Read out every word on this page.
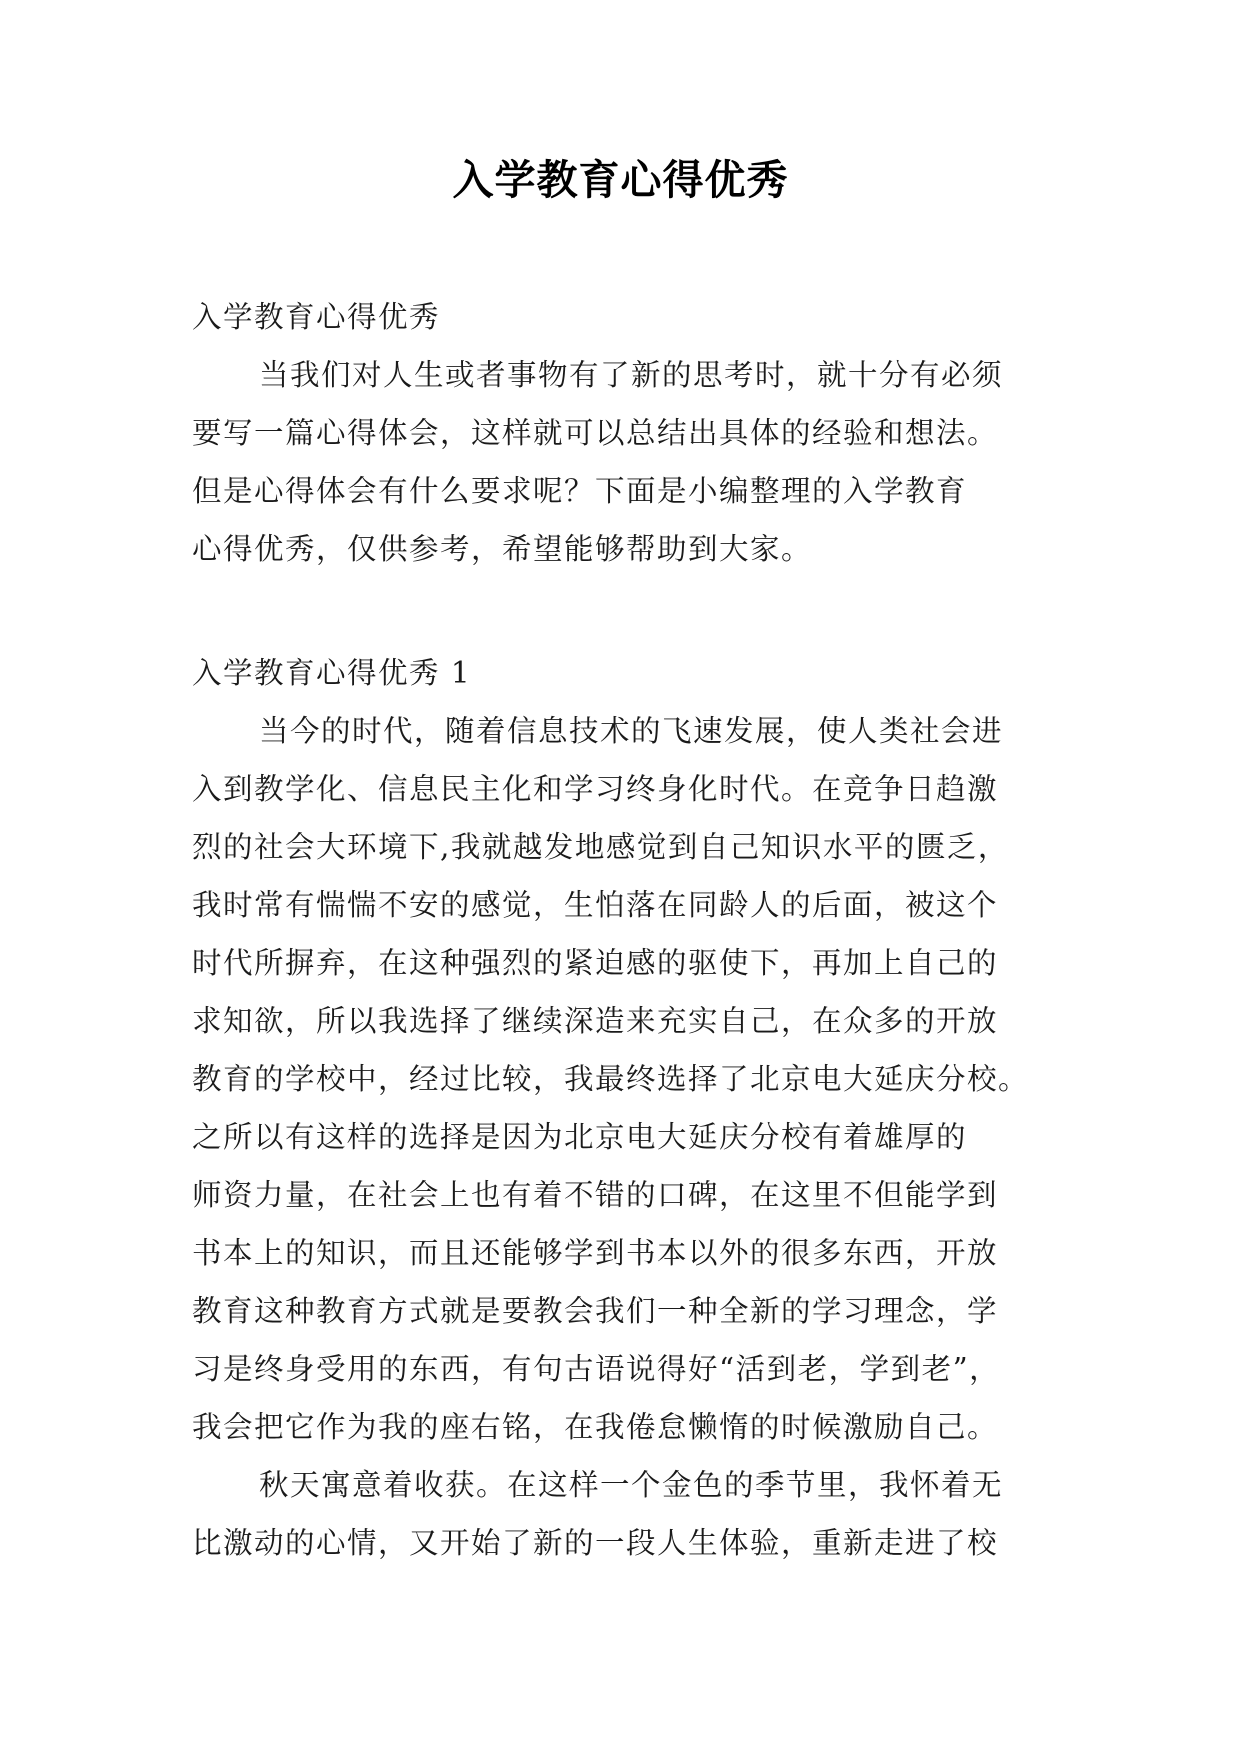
入学教育心得优秀
入学教育心得优秀
当我们对人生或者事物有了新的思考时，就十分有必须
要写一篇心得体会，这样就可以总结出具体的经验和想法。
但是心得体会有什么要求呢？下面是小编整理的入学教育
心得优秀，仅供参考，希望能够帮助到大家。
入学教育心得优秀 1
当今的时代，随着信息技术的飞速发展，使人类社会进
入到教学化、信息民主化和学习终身化时代。在竞争日趋激
烈的社会大环境下,我就越发地感觉到自己知识水平的匮乏，
我时常有惴惴不安的感觉，生怕落在同龄人的后面，被这个
时代所摒弃，在这种强烈的紧迫感的驱使下，再加上自己的
求知欲，所以我选择了继续深造来充实自己，在众多的开放
教育的学校中，经过比较，我最终选择了北京电大延庆分校。
之所以有这样的选择是因为北京电大延庆分校有着雄厚的
师资力量，在社会上也有着不错的口碑，在这里不但能学到
书本上的知识，而且还能够学到书本以外的很多东西，开放
教育这种教育方式就是要教会我们一种全新的学习理念，学
习是终身受用的东西，有句古语说得好“活到老，学到老”，
我会把它作为我的座右铭，在我倦怠懒惰的时候激励自己。
秋天寓意着收获。在这样一个金色的季节里，我怀着无
比激动的心情，又开始了新的一段人生体验，重新走进了校
